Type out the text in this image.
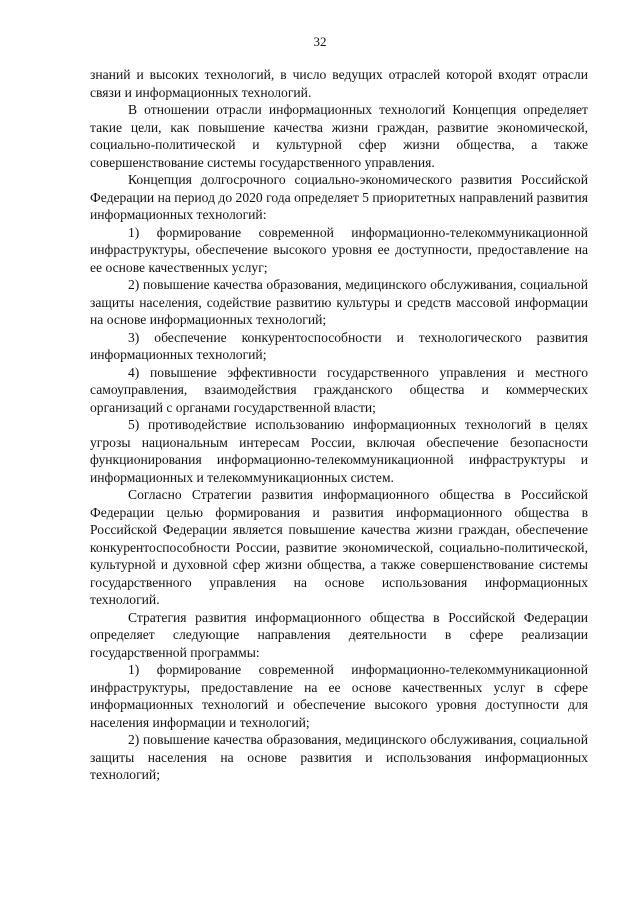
32

знаний и высоких технологий, в число ведущих отраслей которой входят отрасли связи и информационных технологий.

В отношении отрасли информационных технологий Концепция определяет такие цели, как повышение качества жизни граждан, развитие экономической, социально-политической и культурной сфер жизни общества, а также совершенствование системы государственного управления.

Концепция долгосрочного социально-экономического развития Российской Федерации на период до 2020 года определяет 5 приоритетных направлений развития информационных технологий:

1) формирование современной информационно-телекоммуникационной инфраструктуры, обеспечение высокого уровня ее доступности, предоставление на ее основе качественных услуг;

2) повышение качества образования, медицинского обслуживания, социальной защиты населения, содействие развитию культуры и средств массовой информации на основе информационных технологий;

3) обеспечение конкурентоспособности и технологического развития информационных технологий;

4) повышение эффективности государственного управления и местного самоуправления, взаимодействия гражданского общества и коммерческих организаций с органами государственной власти;

5) противодействие использованию информационных технологий в целях угрозы национальным интересам России, включая обеспечение безопасности функционирования информационно-телекоммуникационной инфраструктуры и информационных и телекоммуникационных систем.

Согласно Стратегии развития информационного общества в Российской Федерации целью формирования и развития информационного общества в Российской Федерации является повышение качества жизни граждан, обеспечение конкурентоспособности России, развитие экономической, социально-политической, культурной и духовной сфер жизни общества, а также совершенствование системы государственного управления на основе использования информационных технологий.

Стратегия развития информационного общества в Российской Федерации определяет следующие направления деятельности в сфере реализации государственной программы:

1) формирование современной информационно-телекоммуникационной инфраструктуры, предоставление на ее основе качественных услуг в сфере информационных технологий и обеспечение высокого уровня доступности для населения информации и технологий;

2) повышение качества образования, медицинского обслуживания, социальной защиты населения на основе развития и использования информационных технологий;
